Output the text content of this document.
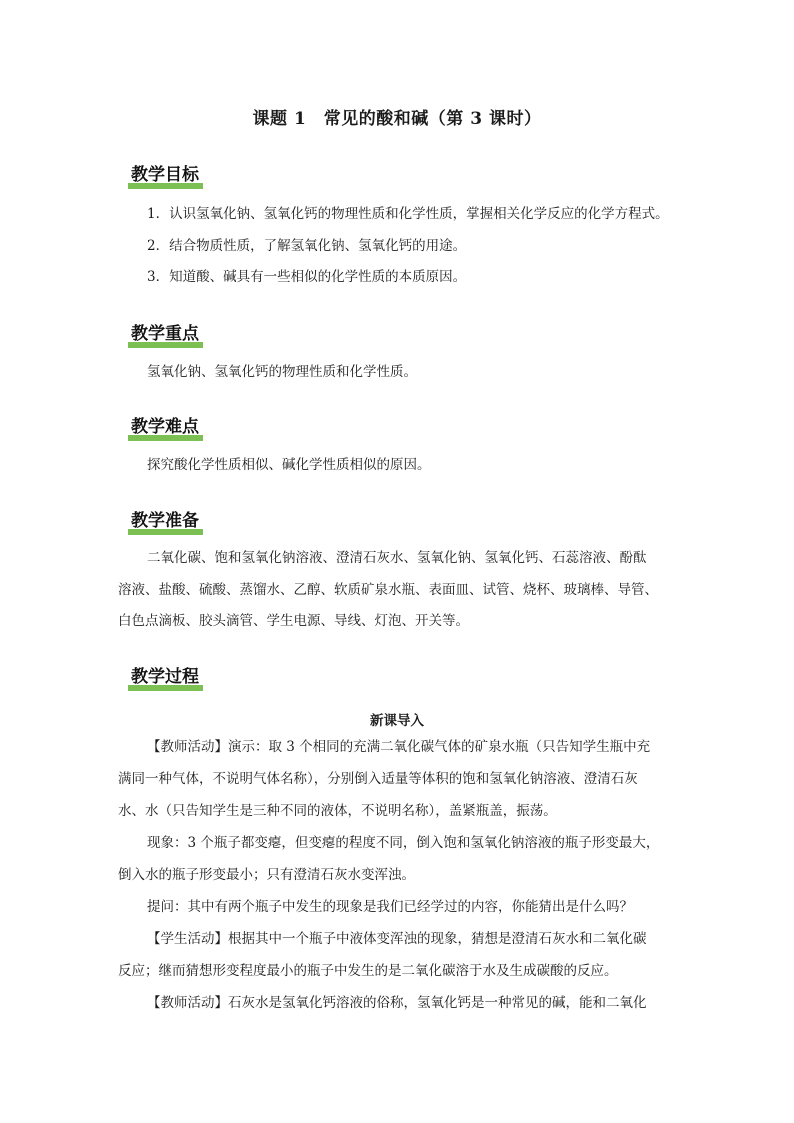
课题 1　常见的酸和碱（第 3 课时）
教学目标
1．认识氢氧化钠、氢氧化钙的物理性质和化学性质，掌握相关化学反应的化学方程式。
2．结合物质性质，了解氢氧化钠、氢氧化钙的用途。
3．知道酸、碱具有一些相似的化学性质的本质原因。
教学重点
氢氧化钠、氢氧化钙的物理性质和化学性质。
教学难点
探究酸化学性质相似、碱化学性质相似的原因。
教学准备
二氧化碳、饱和氢氧化钠溶液、澄清石灰水、氢氧化钠、氢氧化钙、石蕊溶液、酚酞
溶液、盐酸、硫酸、蒸馏水、乙醇、软质矿泉水瓶、表面皿、试管、烧杯、玻璃棒、导管、
白色点滴板、胶头滴管、学生电源、导线、灯泡、开关等。
教学过程
新课导入
【教师活动】演示：取 3 个相同的充满二氧化碳气体的矿泉水瓶（只告知学生瓶中充
满同一种气体，不说明气体名称），分别倒入适量等体积的饱和氢氧化钠溶液、澄清石灰
水、水（只告知学生是三种不同的液体，不说明名称），盖紧瓶盖，振荡。
现象：3 个瓶子都变瘪，但变瘪的程度不同，倒入饱和氢氧化钠溶液的瓶子形变最大，
倒入水的瓶子形变最小；只有澄清石灰水变浑浊。
提问：其中有两个瓶子中发生的现象是我们已经学过的内容，你能猜出是什么吗？
【学生活动】根据其中一个瓶子中液体变浑浊的现象，猜想是澄清石灰水和二氧化碳
反应；继而猜想形变程度最小的瓶子中发生的是二氧化碳溶于水及生成碳酸的反应。
【教师活动】石灰水是氢氧化钙溶液的俗称，氢氧化钙是一种常见的碱，能和二氧化
